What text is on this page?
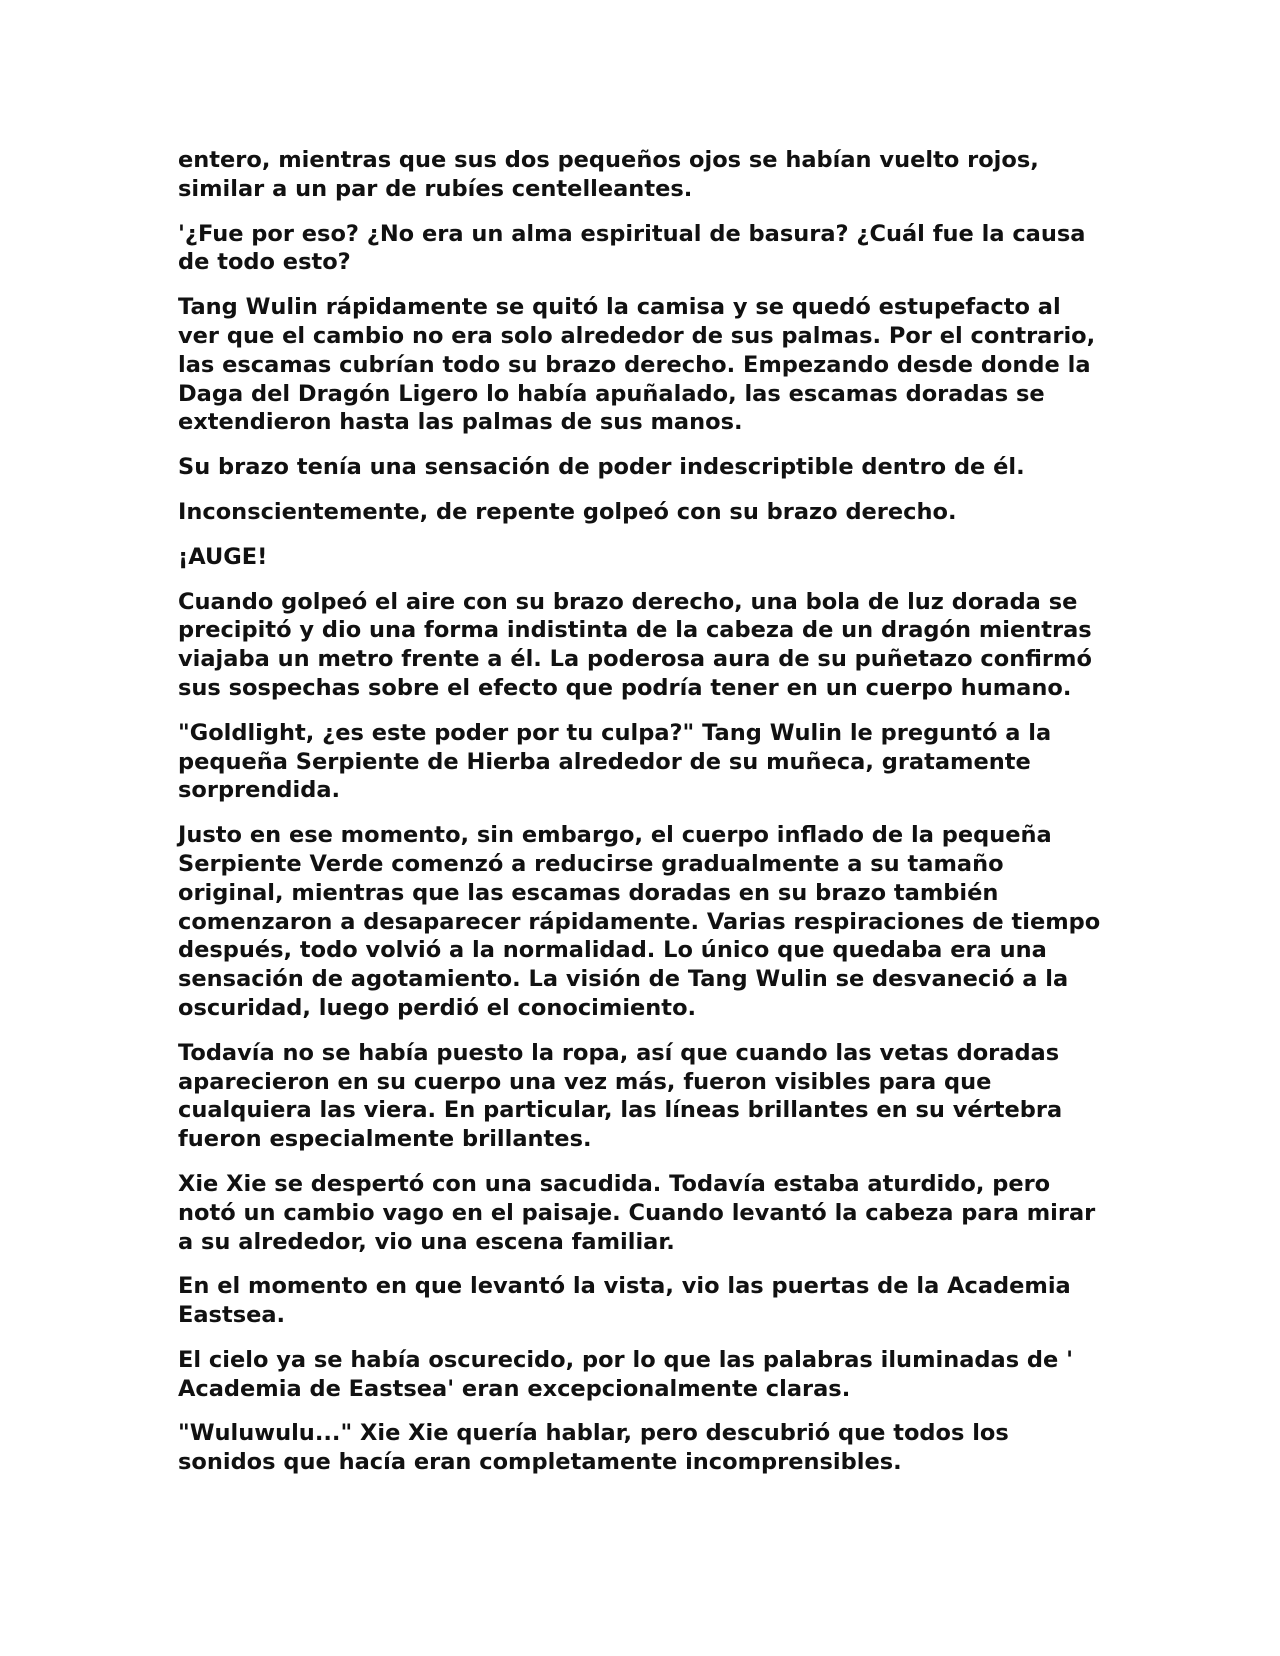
entero, mientras que sus dos pequeños ojos se habían vuelto rojos, similar a un par de rubíes centelleantes.

'¿Fue por eso? ¿No era un alma espiritual de basura? ¿Cuál fue la causa de todo esto?

Tang Wulin rápidamente se quitó la camisa y se quedó estupefacto al ver que el cambio no era solo alrededor de sus palmas. Por el contrario, las escamas cubrían todo su brazo derecho. Empezando desde donde la Daga del Dragón Ligero lo había apuñalado, las escamas doradas se extendieron hasta las palmas de sus manos.

Su brazo tenía una sensación de poder indescriptible dentro de él.

Inconscientemente, de repente golpeó con su brazo derecho.

¡AUGE!

Cuando golpeó el aire con su brazo derecho, una bola de luz dorada se precipitó y dio una forma indistinta de la cabeza de un dragón mientras viajaba un metro frente a él. La poderosa aura de su puñetazo confirmó sus sospechas sobre el efecto que podría tener en un cuerpo humano.

"Goldlight, ¿es este poder por tu culpa?" Tang Wulin le preguntó a la pequeña Serpiente de Hierba alrededor de su muñeca, gratamente sorprendida.

Justo en ese momento, sin embargo, el cuerpo inflado de la pequeña Serpiente Verde comenzó a reducirse gradualmente a su tamaño original, mientras que las escamas doradas en su brazo también comenzaron a desaparecer rápidamente. Varias respiraciones de tiempo después, todo volvió a la normalidad. Lo único que quedaba era una sensación de agotamiento. La visión de Tang Wulin se desvaneció a la oscuridad, luego perdió el conocimiento.

Todavía no se había puesto la ropa, así que cuando las vetas doradas aparecieron en su cuerpo una vez más, fueron visibles para que cualquiera las viera. En particular, las líneas brillantes en su vértebra fueron especialmente brillantes.

Xie Xie se despertó con una sacudida. Todavía estaba aturdido, pero notó un cambio vago en el paisaje. Cuando levantó la cabeza para mirar a su alrededor, vio una escena familiar.

En el momento en que levantó la vista, vio las puertas de la Academia Eastsea.

El cielo ya se había oscurecido, por lo que las palabras iluminadas de ' Academia de Eastsea' eran excepcionalmente claras.

"Wuluwulu..." Xie Xie quería hablar, pero descubrió que todos los sonidos que hacía eran completamente incomprensibles.
